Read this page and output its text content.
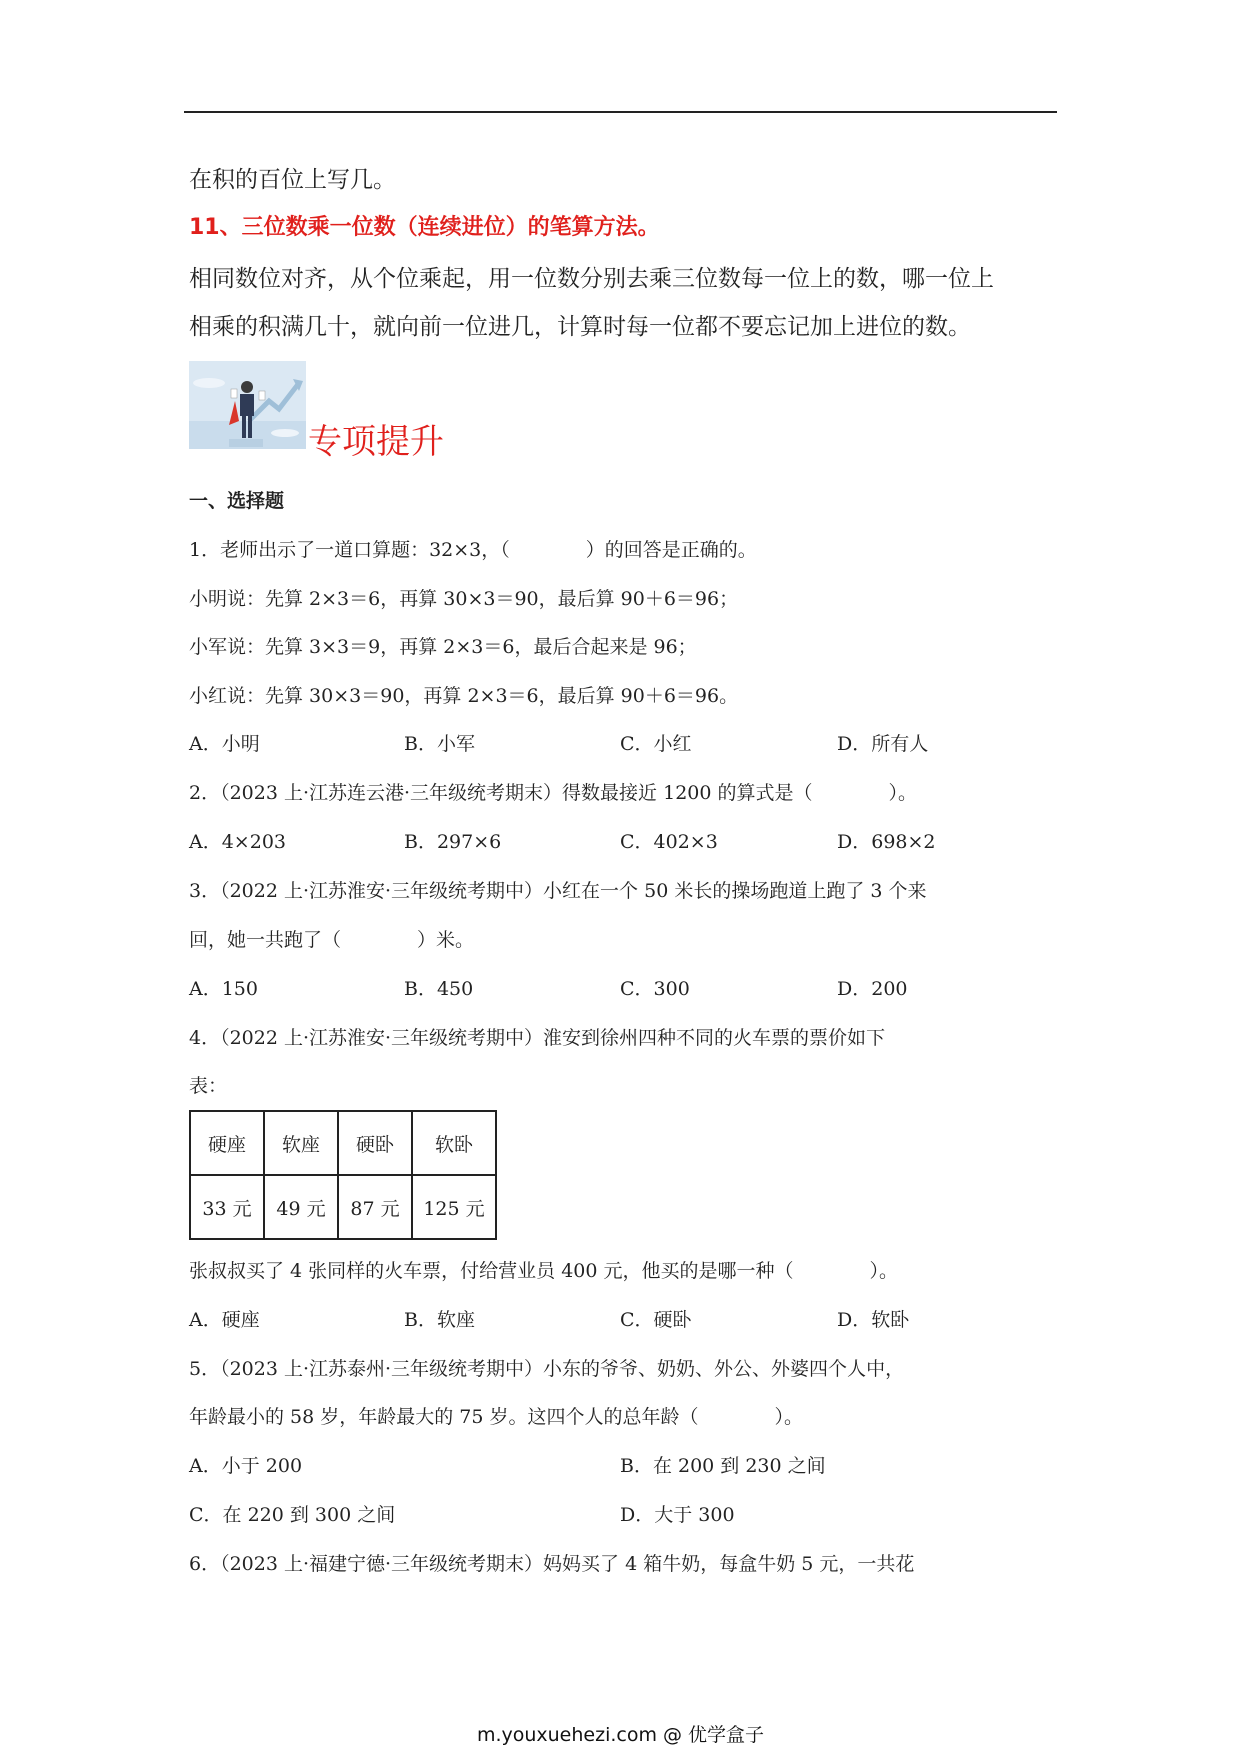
在积的百位上写几。
11、三位数乘一位数（连续进位）的笔算方法。
相同数位对齐，从个位乘起，用一位数分别去乘三位数每一位上的数，哪一位上
相乘的积满几十，就向前一位进几，计算时每一位都不要忘记加上进位的数。
专项提升
一、选择题
1．老师出示了一道口算题：32×3，（　　　　）的回答是正确的。
小明说：先算 2×3＝6，再算 30×3＝90，最后算 90＋6＝96；
小军说：先算 3×3＝9，再算 2×3＝6，最后合起来是 96；
小红说：先算 30×3＝90，再算 2×3＝6，最后算 90＋6＝96。
A．小明	B．小军	C．小红	D．所有人
2．（2023 上·江苏连云港·三年级统考期末）得数最接近 1200 的算式是（　　　　）。
A．4×203	B．297×6	C．402×3	D．698×2
3．（2022 上·江苏淮安·三年级统考期中）小红在一个 50 米长的操场跑道上跑了 3 个来
回，她一共跑了（　　　　）米。
A．150	B．450	C．300	D．200
4．（2022 上·江苏淮安·三年级统考期中）淮安到徐州四种不同的火车票的票价如下
表：
硬座	软座	硬卧	软卧
33 元	49 元	87 元	125 元
张叔叔买了 4 张同样的火车票，付给营业员 400 元，他买的是哪一种（　　　　）。
A．硬座	B．软座	C．硬卧	D．软卧
5．（2023 上·江苏泰州·三年级统考期中）小东的爷爷、奶奶、外公、外婆四个人中，
年龄最小的 58 岁，年龄最大的 75 岁。这四个人的总年龄（　　　　）。
A．小于 200	B．在 200 到 230 之间
C．在 220 到 300 之间	D．大于 300
6．（2023 上·福建宁德·三年级统考期末）妈妈买了 4 箱牛奶，每盒牛奶 5 元，一共花
m.youxuehezi.com @ 优学盒子
